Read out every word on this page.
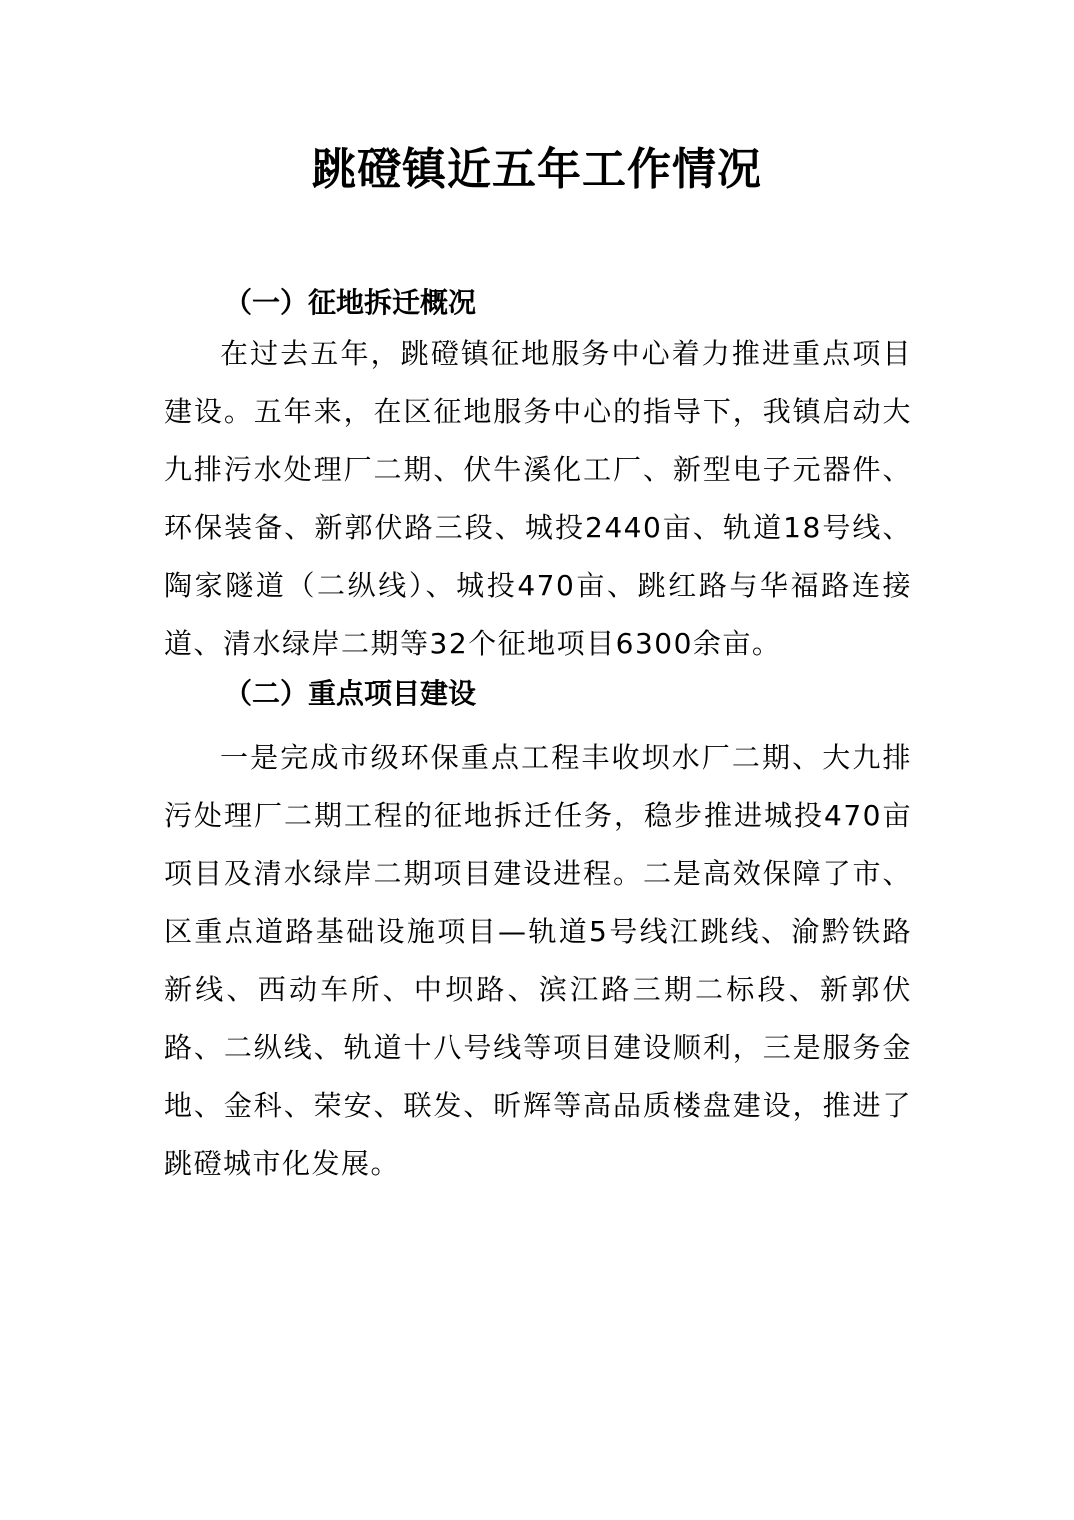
跳磴镇近五年工作情况
（一）征地拆迁概况

在过去五年，跳磴镇征地服务中心着力推进重点项目建设。五年来，在区征地服务中心的指导下，我镇启动大九排污水处理厂二期、伏牛溪化工厂、新型电子元器件、环保装备、新郭伏路三段、城投2440亩、轨道18号线、陶家隧道（二纵线）、城投470亩、跳红路与华福路连接道、清水绿岸二期等32个征地项目6300余亩。

（二）重点项目建设

一是完成市级环保重点工程丰收坝水厂二期、大九排污处理厂二期工程的征地拆迁任务，稳步推进城投470亩项目及清水绿岸二期项目建设进程。二是高效保障了市、区重点道路基础设施项目—轨道5号线江跳线、渝黔铁路新线、西动车所、中坝路、滨江路三期二标段、新郭伏路、二纵线、轨道十八号线等项目建设顺利，三是服务金地、金科、荣安、联发、昕辉等高品质楼盘建设，推进了跳磴城市化发展。
